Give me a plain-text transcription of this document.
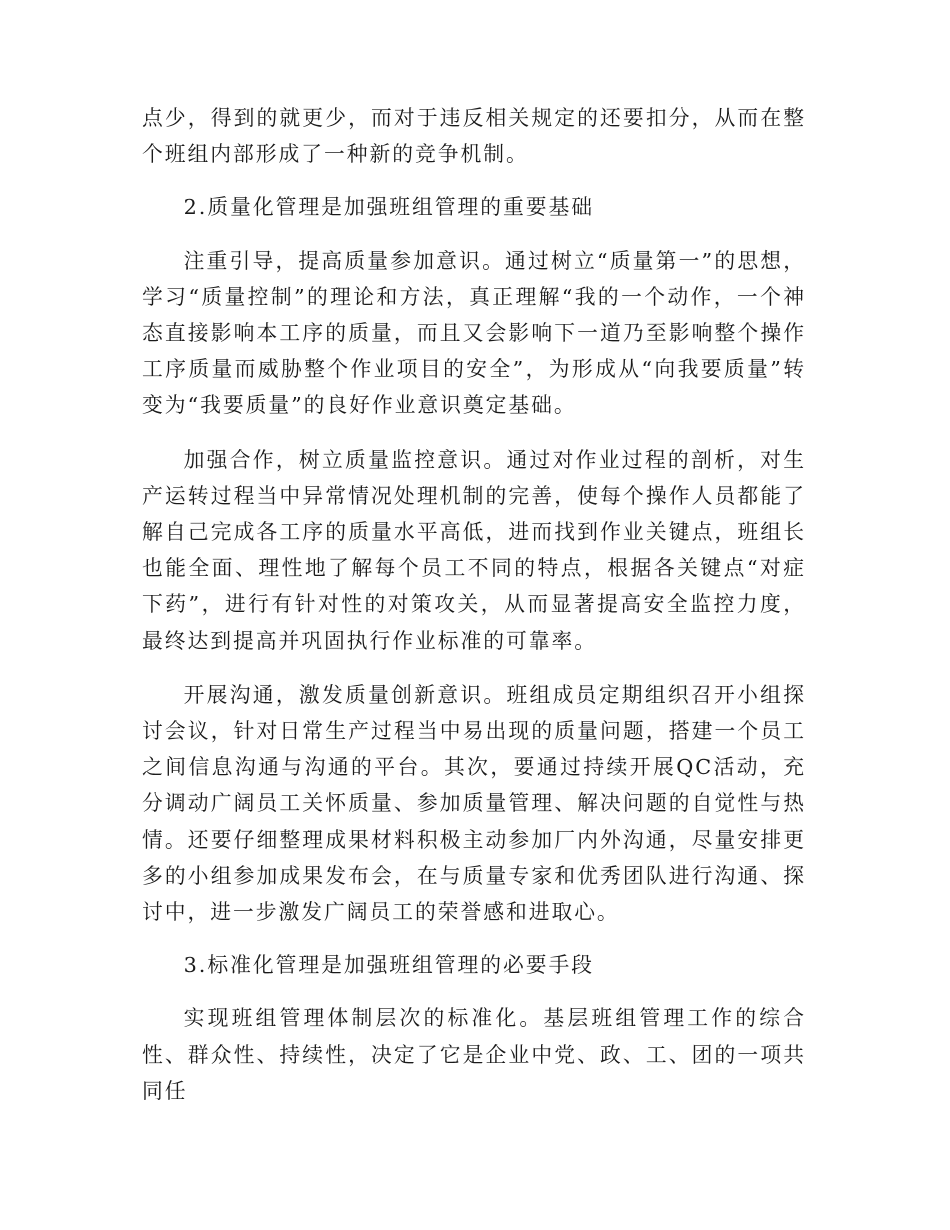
点少，得到的就更少，而对于违反相关规定的还要扣分，从而在整个班组内部形成了一种新的竞争机制。

2.质量化管理是加强班组管理的重要基础

注重引导，提高质量参加意识。通过树立“质量第一”的思想，学习“质量控制”的理论和方法，真正理解“我的一个动作，一个神态直接影响本工序的质量，而且又会影响下一道乃至影响整个操作工序质量而威胁整个作业项目的安全”，为形成从“向我要质量”转变为“我要质量”的良好作业意识奠定基础。

加强合作，树立质量监控意识。通过对作业过程的剖析，对生产运转过程当中异常情况处理机制的完善，使每个操作人员都能了解自己完成各工序的质量水平高低，进而找到作业关键点，班组长也能全面、理性地了解每个员工不同的特点，根据各关键点“对症下药”，进行有针对性的对策攻关，从而显著提高安全监控力度，最终达到提高并巩固执行作业标准的可靠率。

开展沟通，激发质量创新意识。班组成员定期组织召开小组探讨会议，针对日常生产过程当中易出现的质量问题，搭建一个员工之间信息沟通与沟通的平台。其次，要通过持续开展QC活动，充分调动广阔员工关怀质量、参加质量管理、解决问题的自觉性与热情。还要仔细整理成果材料积极主动参加厂内外沟通，尽量安排更多的小组参加成果发布会，在与质量专家和优秀团队进行沟通、探讨中，进一步激发广阔员工的荣誉感和进取心。

3.标准化管理是加强班组管理的必要手段

实现班组管理体制层次的标准化。基层班组管理工作的综合性、群众性、持续性，决定了它是企业中党、政、工、团的一项共同任
